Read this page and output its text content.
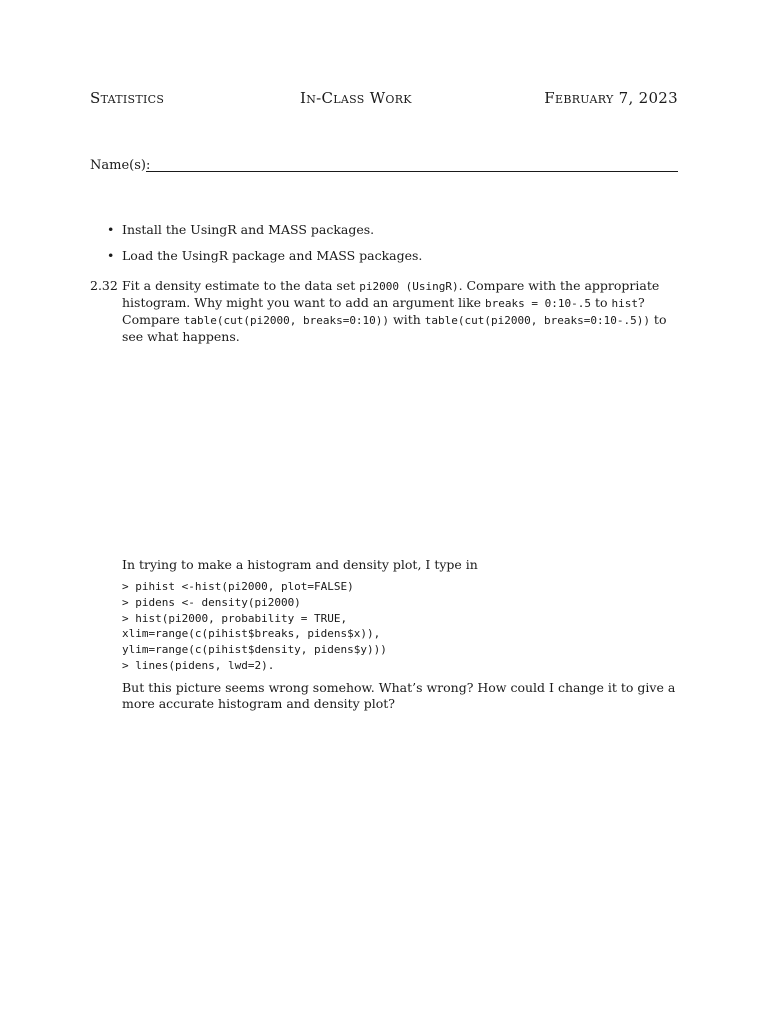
Statistics	In-Class Work	February 7, 2023
Name(s):
• Install the UsingR and MASS packages.
• Load the UsingR package and MASS packages.
2.32 Fit a density estimate to the data set pi2000 (UsingR). Compare with the appropriate histogram. Why might you want to add an argument like breaks = 0:10-.5 to hist? Compare table(cut(pi2000, breaks=0:10)) with table(cut(pi2000, breaks=0:10-.5)) to see what happens.

In trying to make a histogram and density plot, I type in

> pihist <-hist(pi2000, plot=FALSE)
> pidens <- density(pi2000)
> hist(pi2000, probability = TRUE,
xlim=range(c(pihist$breaks, pidens$x)),
ylim=range(c(pihist$density, pidens$y)))
> lines(pidens, lwd=2).

But this picture seems wrong somehow. What’s wrong? How could I change it to give a more accurate histogram and density plot?
